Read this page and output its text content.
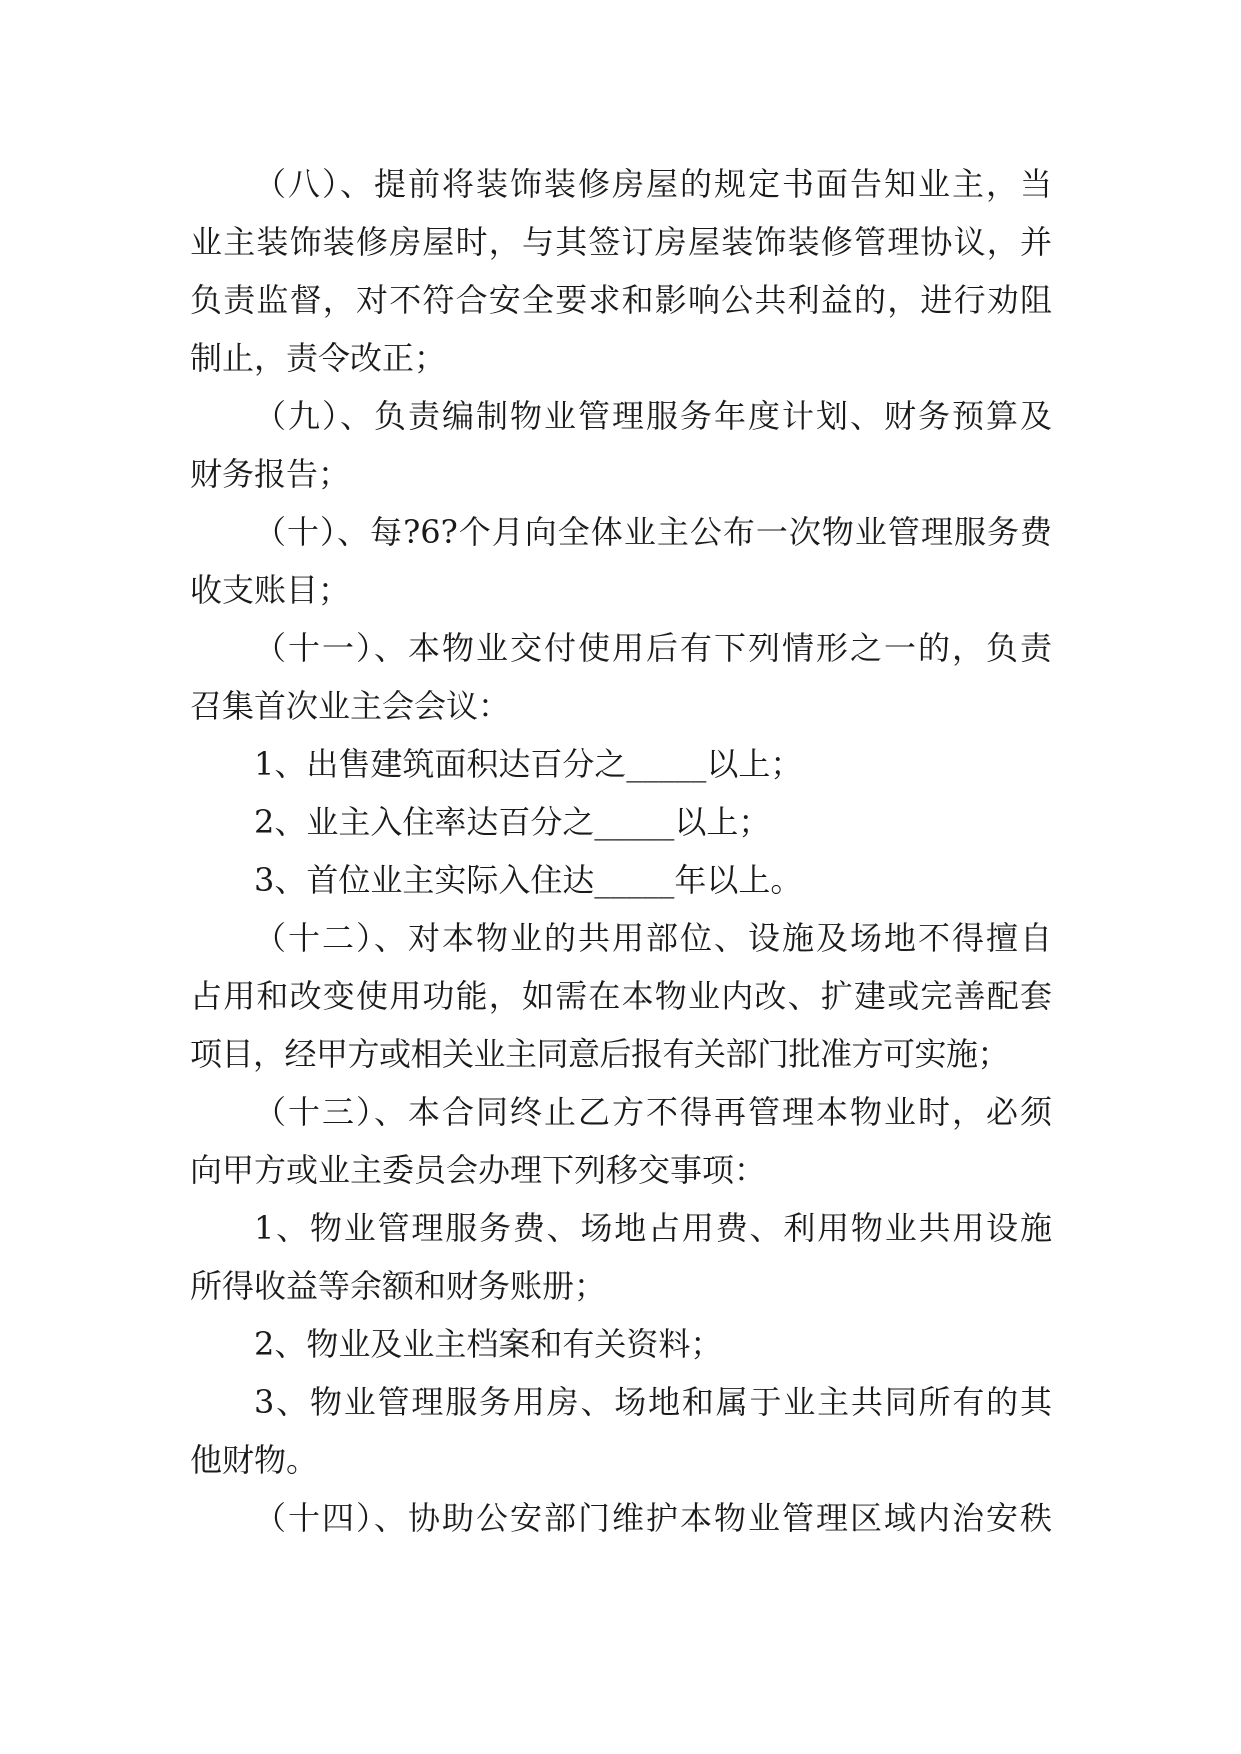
（八）、提前将装饰装修房屋的规定书面告知业主，当
业主装饰装修房屋时，与其签订房屋装饰装修管理协议，并
负责监督，对不符合安全要求和影响公共利益的，进行劝阻
制止，责令改正；
（九）、负责编制物业管理服务年度计划、财务预算及
财务报告；
（十）、每?6?个月向全体业主公布一次物业管理服务费
收支账目；
（十一）、本物业交付使用后有下列情形之一的，负责
召集首次业主会会议：
1、出售建筑面积达百分之_____以上；
2、业主入住率达百分之_____以上；
3、首位业主实际入住达_____年以上。
（十二）、对本物业的共用部位、设施及场地不得擅自
占用和改变使用功能，如需在本物业内改、扩建或完善配套
项目，经甲方或相关业主同意后报有关部门批准方可实施；
（十三）、本合同终止乙方不得再管理本物业时，必须
向甲方或业主委员会办理下列移交事项：
1、物业管理服务费、场地占用费、利用物业共用设施
所得收益等余额和财务账册；
2、物业及业主档案和有关资料；
3、物业管理服务用房、场地和属于业主共同所有的其
他财物。
（十四）、协助公安部门维护本物业管理区域内治安秩
